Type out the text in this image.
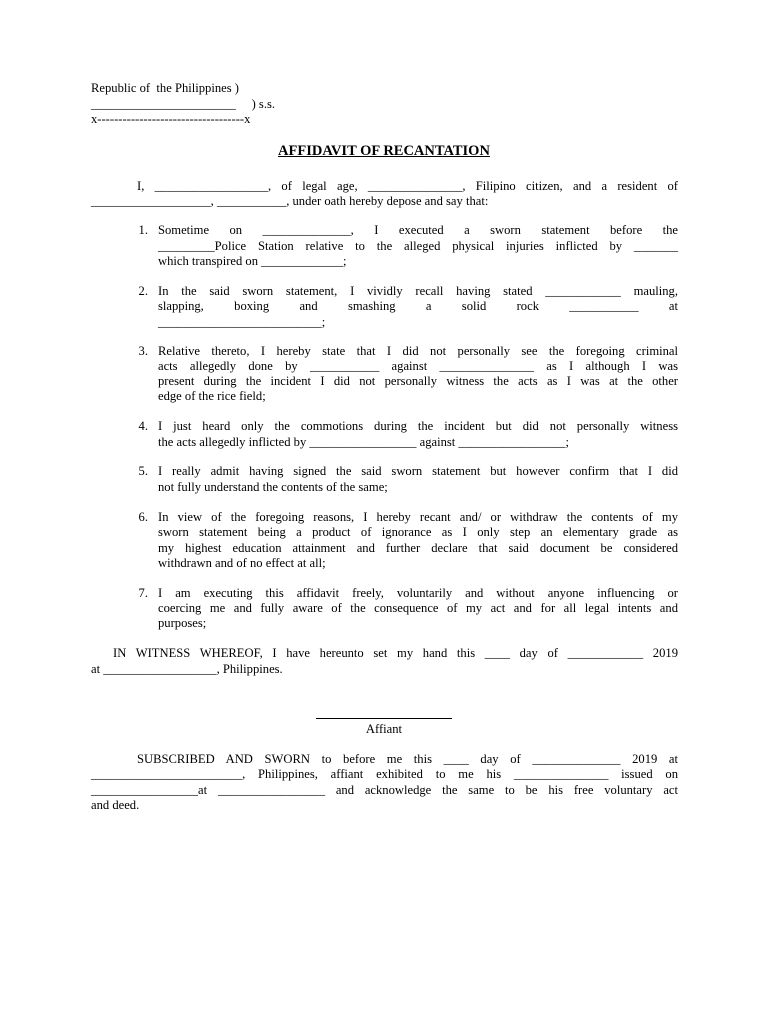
Republic of  the Philippines )
_______________________     ) s.s.
x-----------------------------------x
AFFIDAVIT OF RECANTATION
I, __________________, of legal age, _______________, Filipino citizen, and a resident of
___________________, ___________, under oath hereby depose and say that:
1. Sometime on ______________, I executed a sworn statement before the
_________Police Station relative to the alleged physical injuries inflicted by _______
which transpired on _____________;
2. In the said sworn statement, I vividly recall having stated ____________ mauling,
slapping, boxing and smashing a solid rock ___________ at
__________________________;
3. Relative thereto, I hereby state that I did not personally see the foregoing criminal
acts allegedly done by ___________ against _______________ as I although I was
present during the incident I did not personally witness the acts as I was at the other
edge of the rice field;
4. I just heard only the commotions during the incident but did not personally witness
the acts allegedly inflicted by _________________ against _________________;
5. I really admit having signed the said sworn statement but however confirm that I did
not fully understand the contents of the same;
6. In view of the foregoing reasons, I hereby recant and/ or withdraw the contents of my
sworn statement being a product of ignorance as I only step an elementary grade as
my highest education attainment and further declare that said document be considered
withdrawn and of no effect at all;
7. I am executing this affidavit freely, voluntarily and without anyone influencing or
coercing me and fully aware of the consequence of my act and for all legal intents and
purposes;
IN WITNESS WHEREOF, I have hereunto set my hand this ____ day of ____________ 2019
at __________________, Philippines.
Affiant
SUBSCRIBED AND SWORN to before me this ____ day of ______________ 2019 at
________________________, Philippines, affiant exhibited to me his _______________ issued on
_________________at _________________ and acknowledge the same to be his free voluntary act
and deed.
